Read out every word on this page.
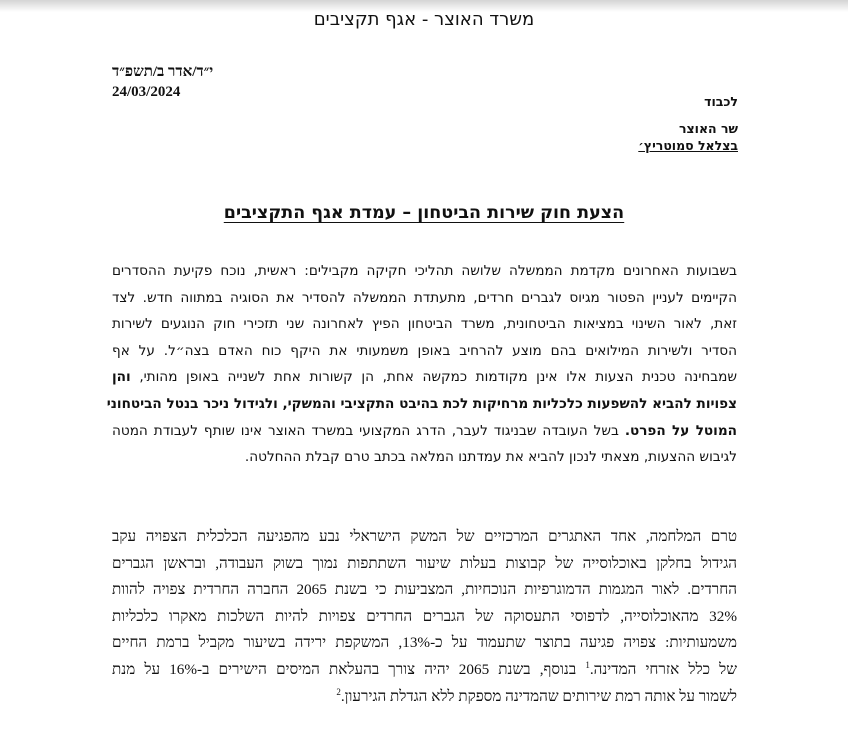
משרד האוצר - אגף תקציבים
י״ד/אדר ב/תשפ״ד
24/03/2024
לכבוד
שר האוצר
בצלאל סמוטריץ׳
הצעת חוק שירות הביטחון – עמדת אגף התקציבים
בשבועות האחרונים מקדמת הממשלה שלושה תהליכי חקיקה מקבילים: ראשית, נוכח פקיעת ההסדרים
הקיימים לעניין הפטור מגיוס לגברים חרדים, מתעתדת הממשלה להסדיר את הסוגיה במתווה חדש. לצד
זאת, לאור השינוי במציאות הביטחונית, משרד הביטחון הפיץ לאחרונה שני תזכירי חוק הנוגעים לשירות
הסדיר ולשירות המילואים בהם מוצע להרחיב באופן משמעותי את היקף כוח האדם בצה״ל. על אף
שמבחינה טכנית הצעות אלו אינן מקודמות כמקשה אחת, הן קשורות אחת לשנייה באופן מהותי, והן
צפויות להביא להשפעות כלכליות מרחיקות לכת בהיבט התקציבי והמשקי, ולגידול ניכר בנטל הביטחוני
המוטל על הפרט. בשל העובדה שבניגוד לעבר, הדרג המקצועי במשרד האוצר אינו שותף לעבודת המטה
לגיבוש ההצעות, מצאתי לנכון להביא את עמדתנו המלאה בכתב טרם קבלת ההחלטה.
טרם המלחמה, אחד האתגרים המרכזיים של המשק הישראלי נבע מהפגיעה הכלכלית הצפויה עקב
הגידול בחלקן באוכלוסייה של קבוצות בעלות שיעור השתתפות נמוך בשוק העבודה, ובראשן הגברים
החרדים. לאור המגמות הדמוגרפיות הנוכחיות, המצביעות כי בשנת 2065 החברה החרדית צפויה להוות
32% מהאוכלוסייה, לדפוסי התעסוקה של הגברים החרדים צפויות להיות השלכות מאקרו כלכליות
משמעותיות: צפויה פגיעה בתוצר שתעמוד על כ-13%, המשקפת ירידה בשיעור מקביל ברמת החיים
של כלל אזרחי המדינה.$^1$ בנוסף, בשנת 2065 יהיה צורך בהעלאת המיסים הישירים ב-16% על מנת
לשמור על אותה רמת שירותים שהמדינה מספקת ללא הגדלת הגירעון.$^2$
